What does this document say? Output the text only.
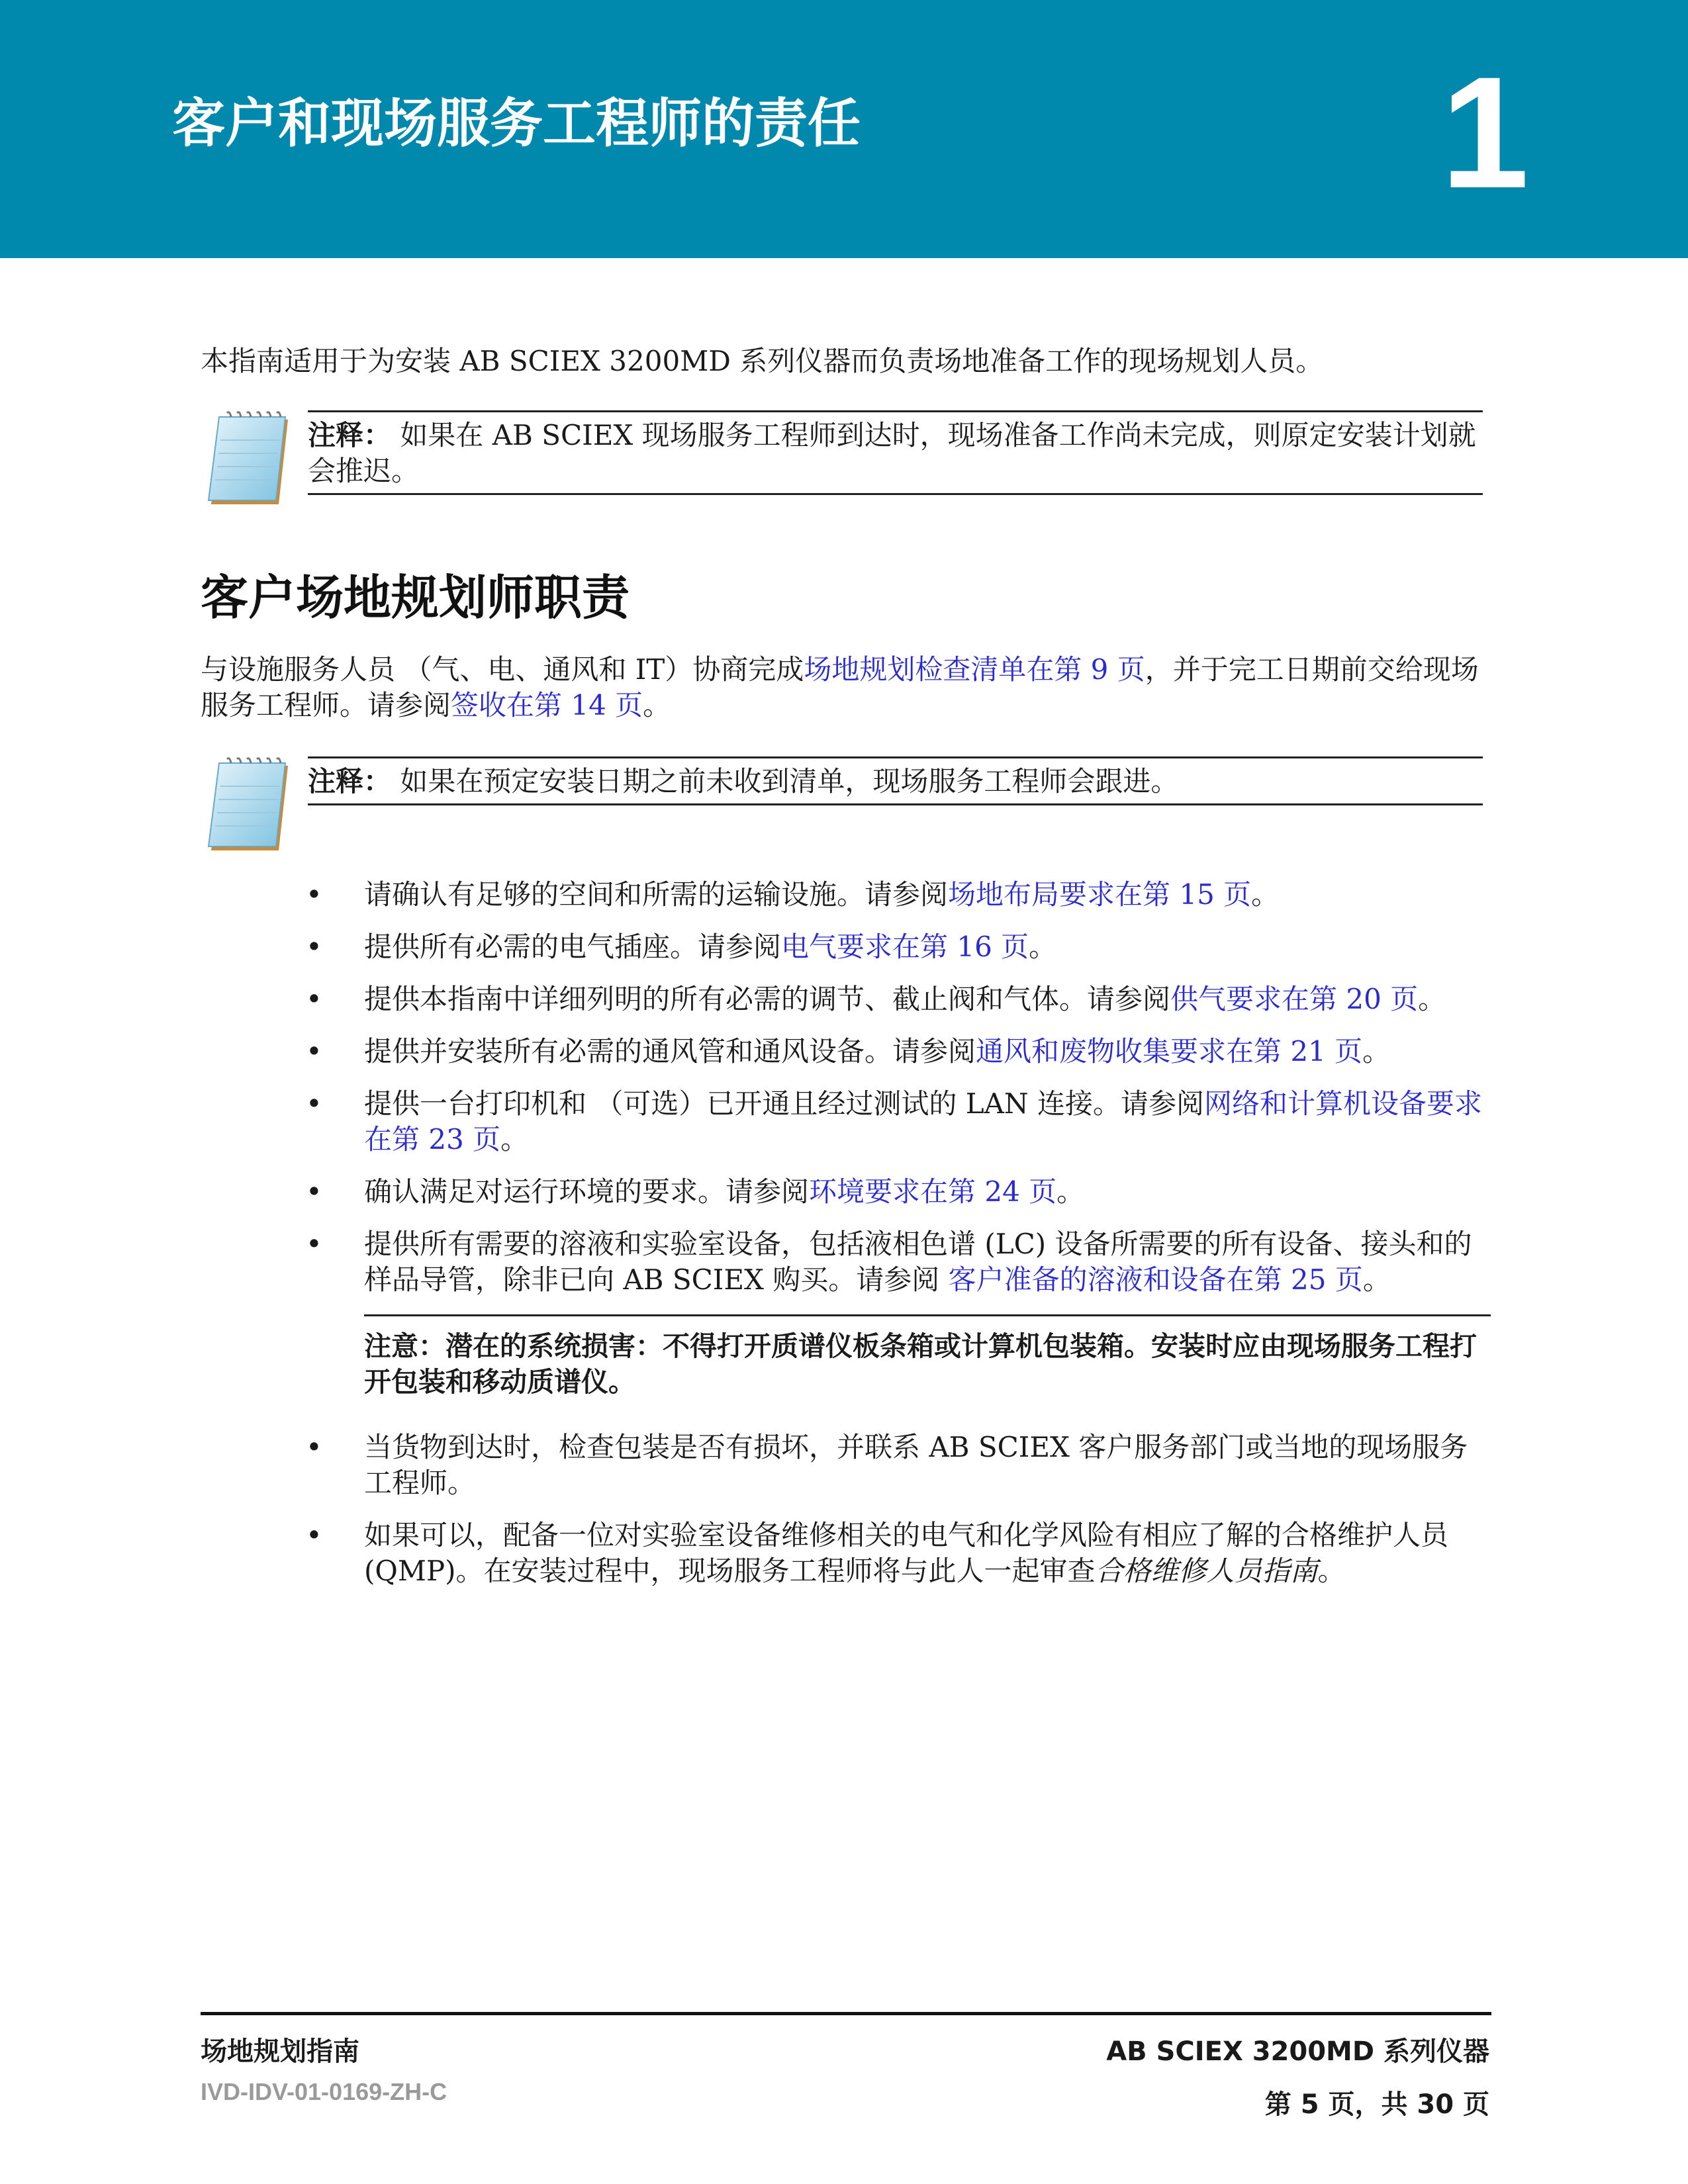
客户和现场服务工程师的责任	1

本指南适用于为安装 AB SCIEX 3200MD 系列仪器而负责场地准备工作的现场规划人员。

注释： 如果在 AB SCIEX 现场服务工程师到达时，现场准备工作尚未完成，则原定安装计划就会推迟。
客户场地规划师职责

与设施服务人员 （气、电、通风和 IT）协商完成场地规划检查清单在第 9 页，并于完工日期前交给现场服务工程师。请参阅签收在第 14 页。

注释： 如果在预定安装日期之前未收到清单，现场服务工程师会跟进。
• 请确认有足够的空间和所需的运输设施。请参阅场地布局要求在第 15 页。
• 提供所有必需的电气插座。请参阅电气要求在第 16 页。
• 提供本指南中详细列明的所有必需的调节、截止阀和气体。请参阅供气要求在第 20 页。
• 提供并安装所有必需的通风管和通风设备。请参阅通风和废物收集要求在第 21 页。
• 提供一台打印机和 （可选）已开通且经过测试的 LAN 连接。请参阅网络和计算机设备要求在第 23 页。
• 确认满足对运行环境的要求。请参阅环境要求在第 24 页。
• 提供所有需要的溶液和实验室设备，包括液相色谱 (LC) 设备所需要的所有设备、接头和的样品导管，除非已向 AB SCIEX 购买。请参阅 客户准备的溶液和设备在第 25 页。
注意：潜在的系统损害：不得打开质谱仪板条箱或计算机包装箱。安装时应由现场服务工程打开包装和移动质谱仪。
• 当货物到达时，检查包装是否有损坏，并联系 AB SCIEX 客户服务部门或当地的现场服务工程师。
• 如果可以，配备一位对实验室设备维修相关的电气和化学风险有相应了解的合格维护人员 (QMP)。在安装过程中，现场服务工程师将与此人一起审查合格维修人员指南。
场地规划指南
IVD-IDV-01-0169-ZH-C
AB SCIEX 3200MD 系列仪器
第 5 页，共 30 页
